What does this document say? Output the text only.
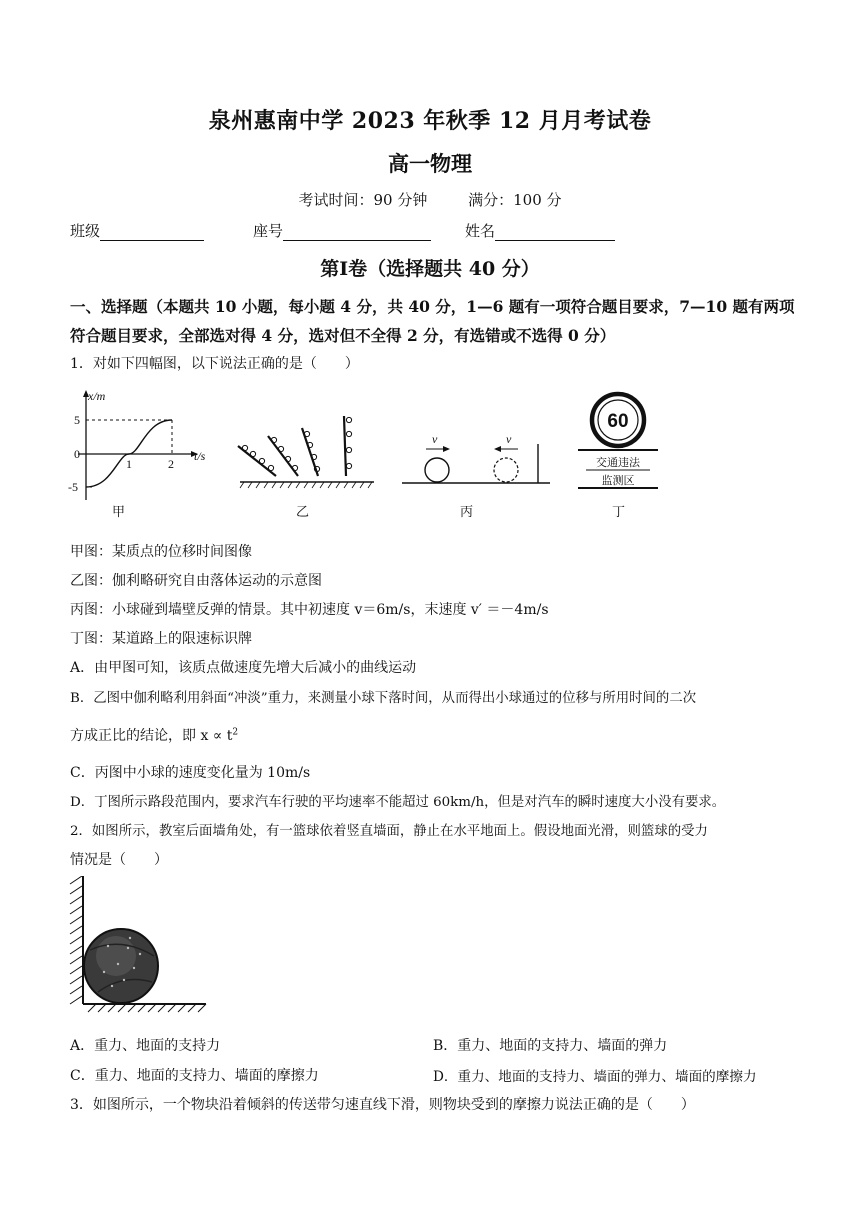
泉州惠南中学 2023 年秋季 12 月月考试卷
高一物理
考试时间：90 分钟	满分：100 分
班级	座号	姓名
第Ⅰ卷（选择题共 40 分）
一、选择题（本题共 10 小题，每小题 4 分，共 40 分，1—6 题有一项符合题目要求，7—10 题有两项符合题目要求，全部选对得 4 分，选对但不全得 2 分，有选错或不选得 0 分）
1．对如下四幅图，以下说法正确的是（　　）
x/m
t/s
5
0
-5
1	2
甲	乙
v	v
丙
60
交通违法
监测区
丁
甲图：某质点的位移时间图像
乙图：伽利略研究自由落体运动的示意图
丙图：小球碰到墙壁反弹的情景。其中初速度 v＝6m/s，末速度 v′ ＝－4m/s
丁图：某道路上的限速标识牌
A．由甲图可知，该质点做速度先增大后减小的曲线运动
B．乙图中伽利略利用斜面“冲淡”重力，来测量小球下落时间，从而得出小球通过的位移与所用时间的二次
方成正比的结论，即 $x \propto t^2$
C．丙图中小球的速度变化量为 10m/s
D．丁图所示路段范围内，要求汽车行驶的平均速率不能超过 60km/h，但是对汽车的瞬时速度大小没有要求。
2．如图所示，教室后面墙角处，有一篮球依着竖直墙面，静止在水平地面上。假设地面光滑，则篮球的受力
情况是（　　）
A．重力、地面的支持力	B．重力、地面的支持力、墙面的弹力
C．重力、地面的支持力、墙面的摩擦力	D．重力、地面的支持力、墙面的弹力、墙面的摩擦力
3．如图所示，一个物块沿着倾斜的传送带匀速直线下滑，则物块受到的摩擦力说法正确的是（　　）
